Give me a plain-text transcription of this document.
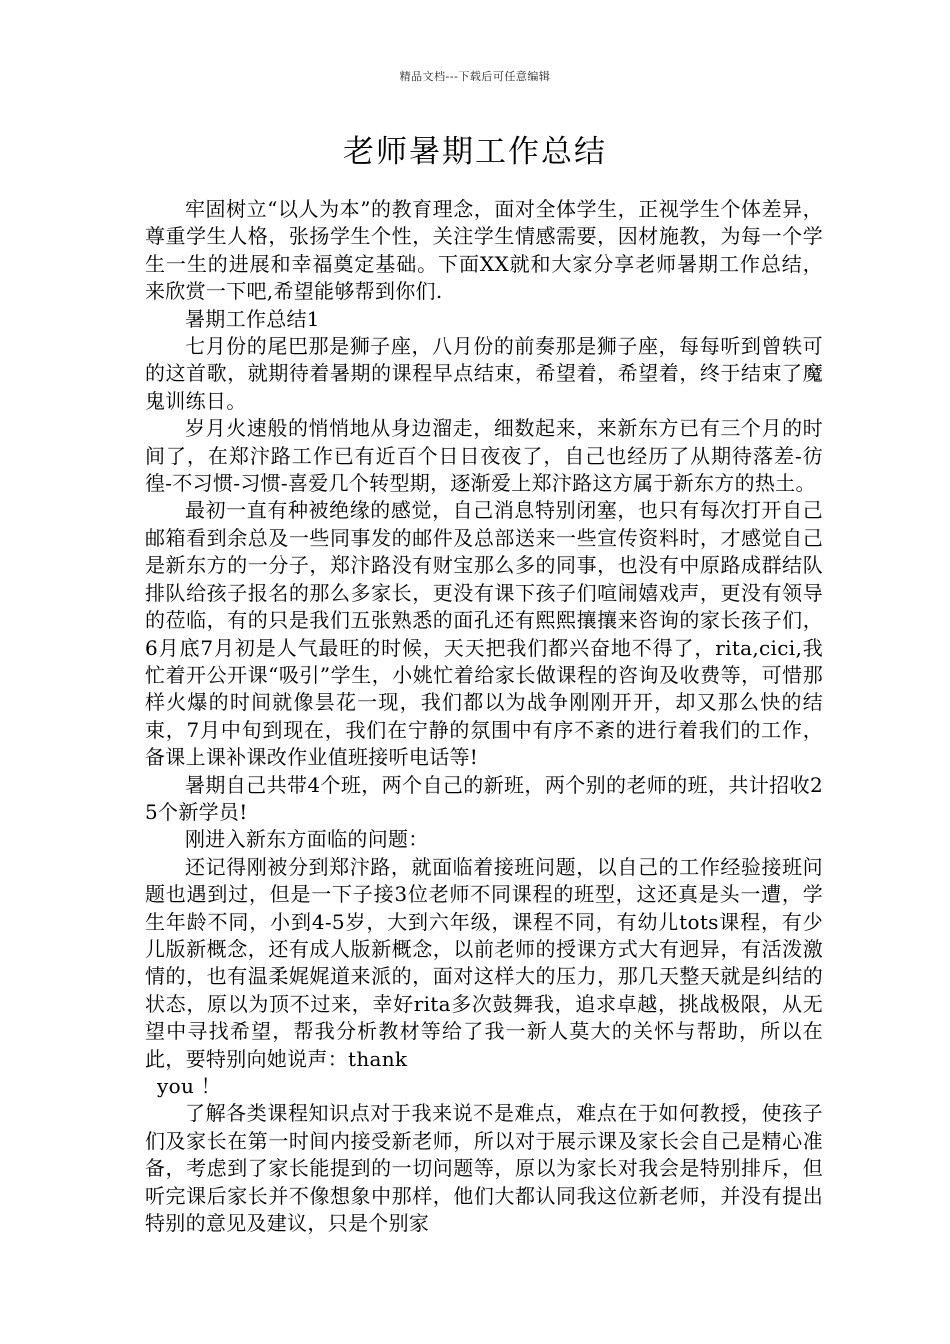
精品文档---下载后可任意编辑
老师暑期工作总结

牢固树立“以人为本”的教育理念，面对全体学生，正视学生个体差异，尊重学生人格，张扬学生个性，关注学生情感需要，因材施教，为每一个学生一生的进展和幸福奠定基础。下面XX就和大家分享老师暑期工作总结，来欣赏一下吧,希望能够帮到你们.

暑期工作总结1

七月份的尾巴那是狮子座，八月份的前奏那是狮子座，每每听到曾轶可的这首歌，就期待着暑期的课程早点结束，希望着，希望着，终于结束了魔鬼训练日。

岁月火速般的悄悄地从身边溜走，细数起来，来新东方已有三个月的时间了，在郑汴路工作已有近百个日日夜夜了，自己也经历了从期待落差-彷徨-不习惯-习惯-喜爱几个转型期，逐渐爱上郑汴路这方属于新东方的热土。

最初一直有种被绝缘的感觉，自己消息特别闭塞，也只有每次打开自己邮箱看到余总及一些同事发的邮件及总部送来一些宣传资料时，才感觉自己是新东方的一分子，郑汴路没有财宝那么多的同事，也没有中原路成群结队排队给孩子报名的那么多家长，更没有课下孩子们喧闹嬉戏声，更没有领导的莅临，有的只是我们五张熟悉的面孔还有熙熙攘攘来咨询的家长孩子们，6月底7月初是人气最旺的时候，天天把我们都兴奋地不得了，rita,cici,我忙着开公开课“吸引”学生，小姚忙着给家长做课程的咨询及收费等，可惜那样火爆的时间就像昙花一现，我们都以为战争刚刚开开，却又那么快的结束，7月中旬到现在，我们在宁静的氛围中有序不紊的进行着我们的工作，备课上课补课改作业值班接听电话等!

暑期自己共带4个班，两个自己的新班，两个别的老师的班，共计招收25个新学员!

刚进入新东方面临的问题：

还记得刚被分到郑汴路，就面临着接班问题，以自己的工作经验接班问题也遇到过，但是一下子接3位老师不同课程的班型，这还真是头一遭，学生年龄不同，小到4-5岁，大到六年级，课程不同，有幼儿tots课程，有少儿版新概念，还有成人版新概念，以前老师的授课方式大有迥异，有活泼激情的，也有温柔娓娓道来派的，面对这样大的压力，那几天整天就是纠结的状态，原以为顶不过来，幸好rita多次鼓舞我，追求卓越，挑战极限，从无望中寻找希望，帮我分析教材等给了我一新人莫大的关怀与帮助，所以在此，要特别向她说声：thank

you ！

了解各类课程知识点对于我来说不是难点，难点在于如何教授，使孩子们及家长在第一时间内接受新老师，所以对于展示课及家长会自己是精心准备，考虑到了家长能提到的一切问题等，原以为家长对我会是特别排斥，但听完课后家长并不像想象中那样，他们大都认同我这位新老师，并没有提出特别的意见及建议，只是个别家
